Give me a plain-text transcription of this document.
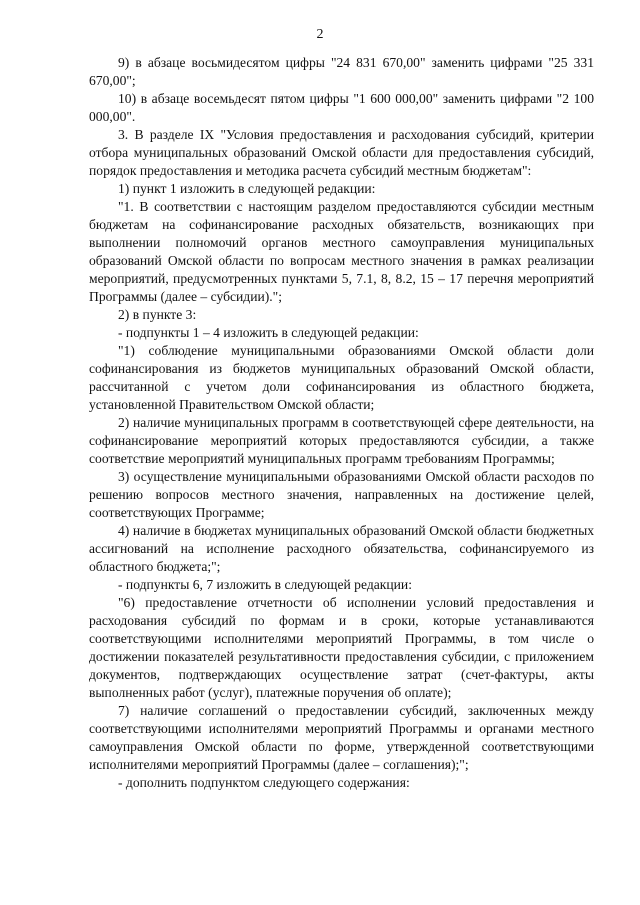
2

9) в абзаце восьмидесятом цифры "24 831 670,00" заменить цифрами "25 331 670,00";

10) в абзаце восемьдесят пятом цифры "1 600 000,00" заменить цифрами "2 100 000,00".

3. В разделе IX "Условия предоставления и расходования субсидий, критерии отбора муниципальных образований Омской области для предоставления субсидий, порядок предоставления и методика расчета субсидий местным бюджетам":

1) пункт 1 изложить в следующей редакции:

"1. В соответствии с настоящим разделом предоставляются субсидии местным бюджетам на софинансирование расходных обязательств, возникающих при выполнении полномочий органов местного самоуправления муниципальных образований Омской области по вопросам местного значения в рамках реализации мероприятий, предусмотренных пунктами 5, 7.1, 8, 8.2, 15 – 17 перечня мероприятий Программы (далее – субсидии).";

2) в пункте 3:

- подпункты 1 – 4 изложить в следующей редакции:

"1) соблюдение муниципальными образованиями Омской области доли софинансирования из бюджетов муниципальных образований Омской области, рассчитанной с учетом доли софинансирования из областного бюджета, установленной Правительством Омской области;

2) наличие муниципальных программ в соответствующей сфере деятельности, на софинансирование мероприятий которых предоставляются субсидии, а также соответствие мероприятий муниципальных программ требованиям Программы;

3) осуществление муниципальными образованиями Омской области расходов по решению вопросов местного значения, направленных на достижение целей, соответствующих Программе;

4) наличие в бюджетах муниципальных образований Омской области бюджетных ассигнований на исполнение расходного обязательства, софинансируемого из областного бюджета;";

- подпункты 6, 7 изложить в следующей редакции:

"6) предоставление отчетности об исполнении условий предоставления и расходования субсидий по формам и в сроки, которые устанавливаются соответствующими исполнителями мероприятий Программы, в том числе о достижении показателей результативности предоставления субсидии, с приложением документов, подтверждающих осуществление затрат (счет-фактуры, акты выполненных работ (услуг), платежные поручения об оплате);

7) наличие соглашений о предоставлении субсидий, заключенных между соответствующими исполнителями мероприятий Программы и органами местного самоуправления Омской области по форме, утвержденной соответствующими исполнителями мероприятий Программы (далее – соглашения);";

- дополнить подпунктом следующего содержания:
